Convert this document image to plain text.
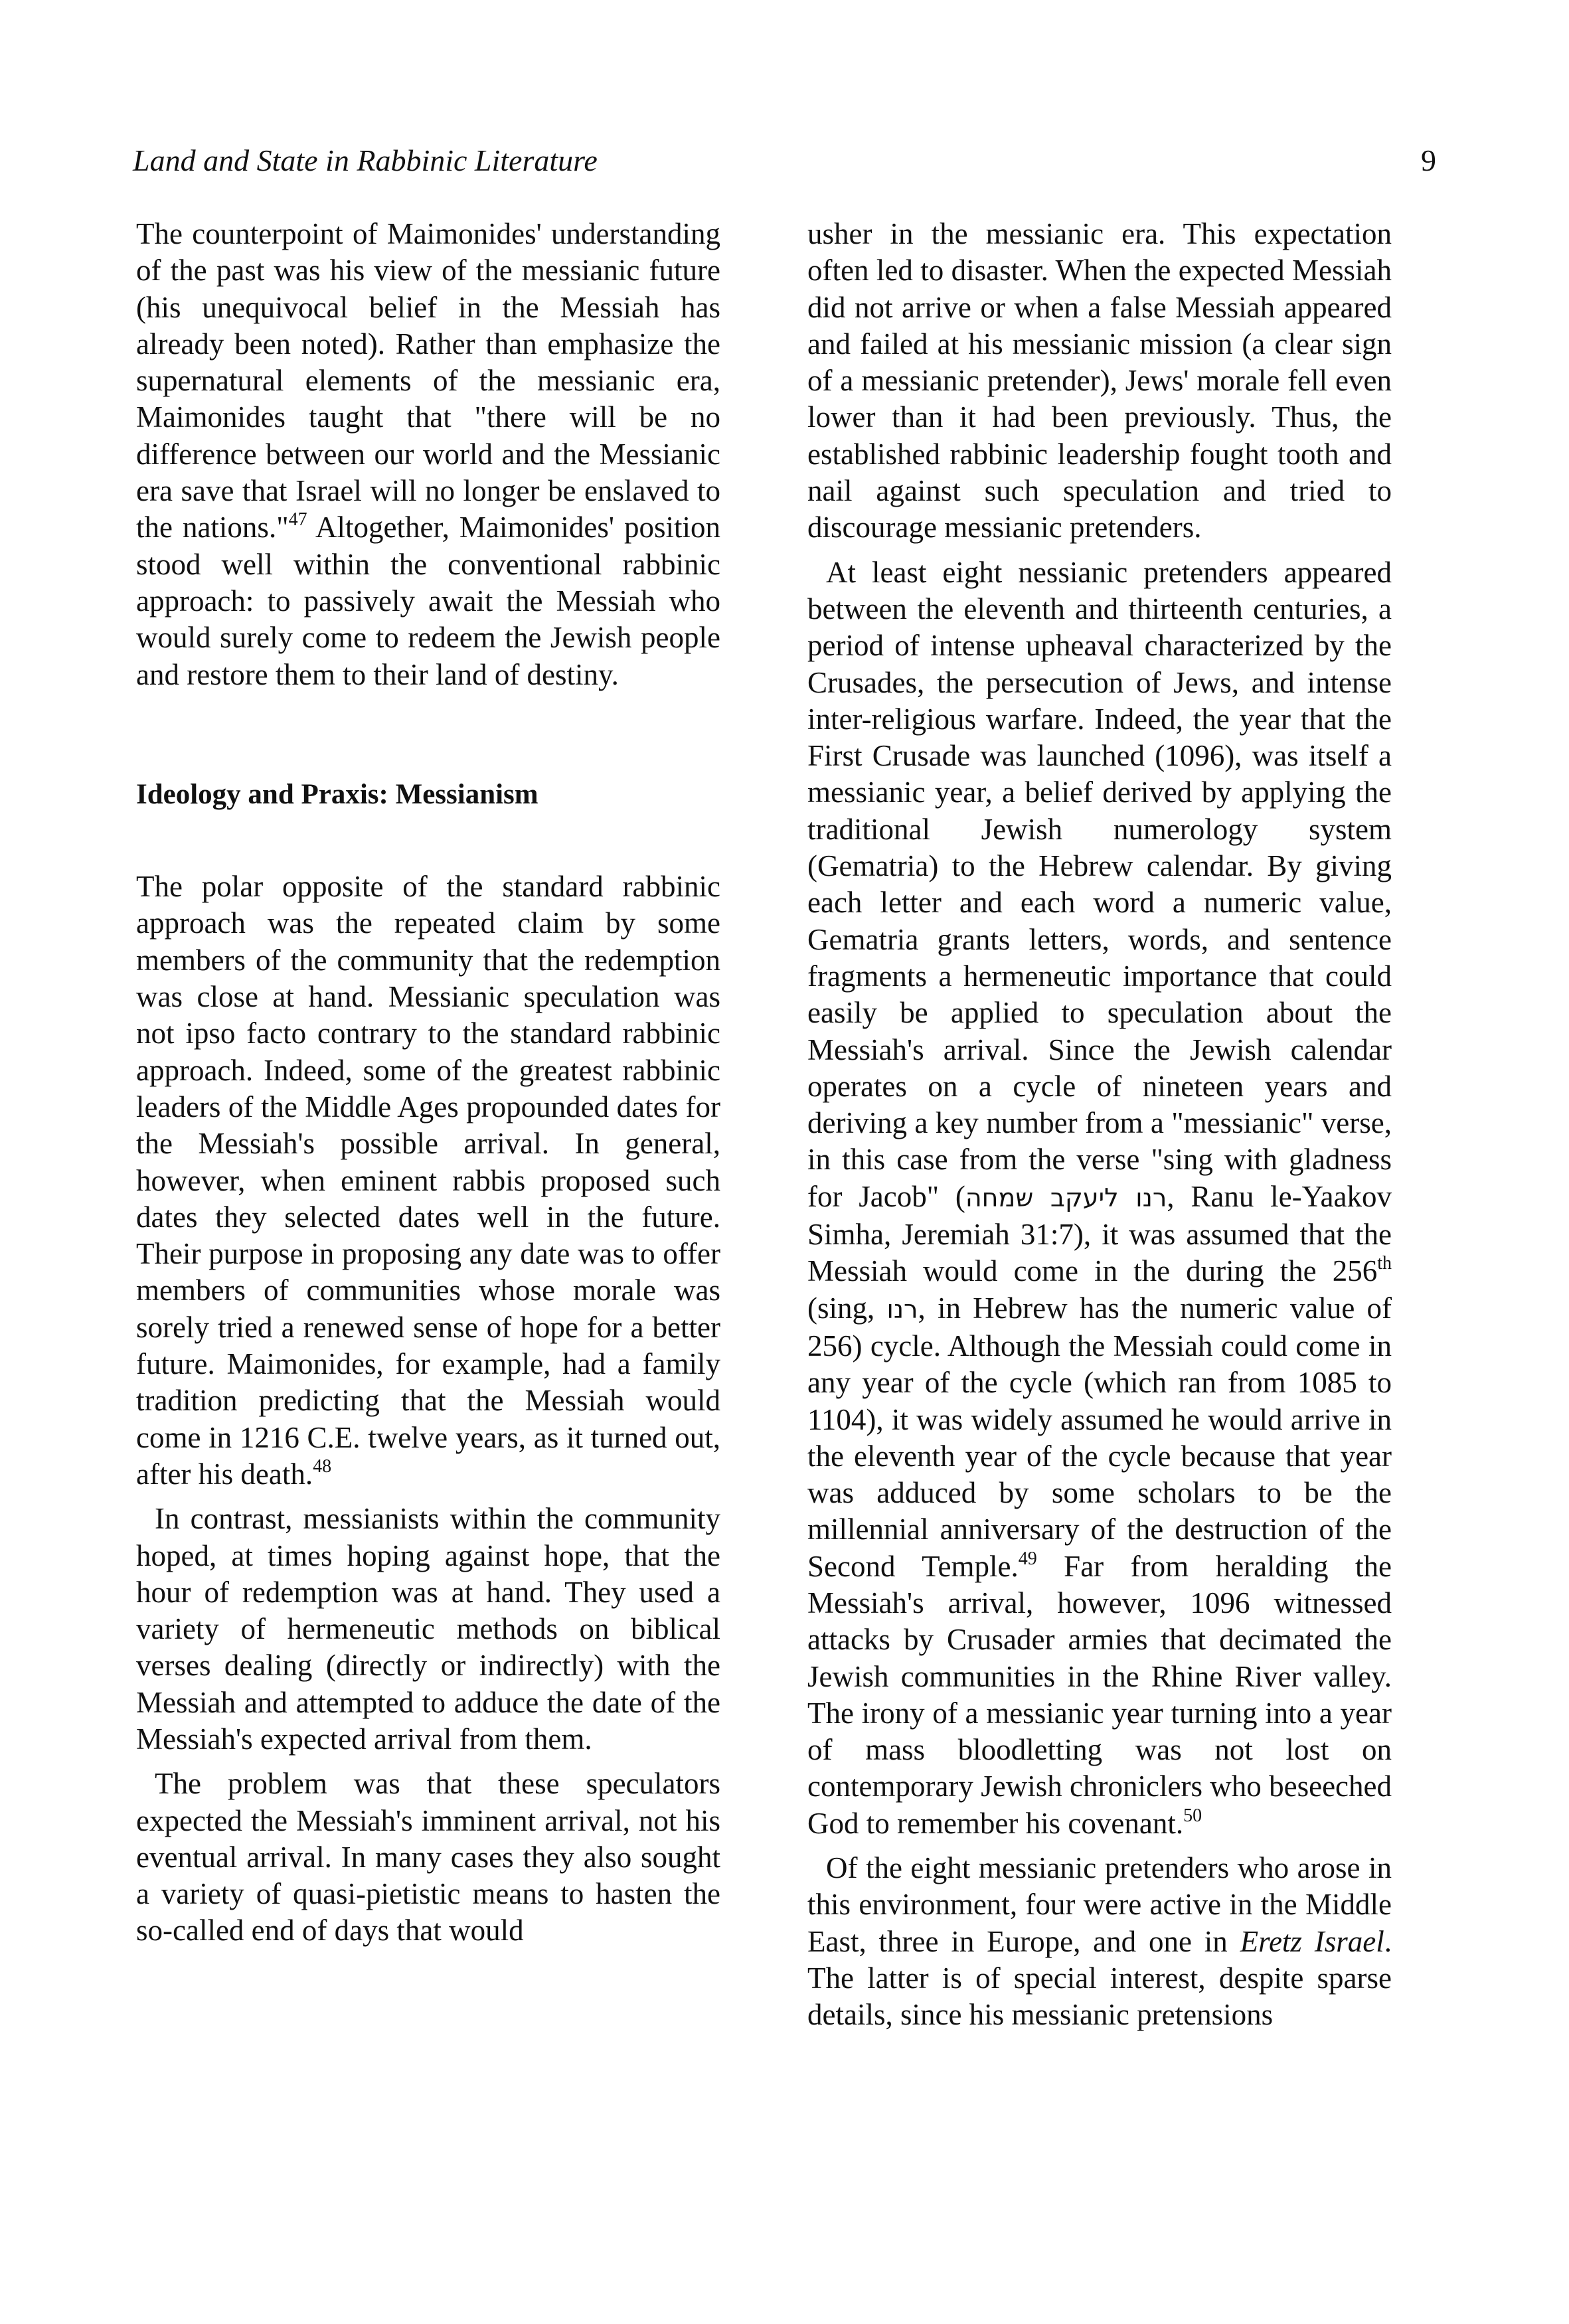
Land and State in Rabbinic Literature	9

The counterpoint of Maimonides' understanding of the past was his view of the messianic future (his unequivocal belief in the Messiah has already been noted). Rather than emphasize the supernatural elements of the messianic era, Maimonides taught that "there will be no difference between our world and the Messianic era save that Israel will no longer be enslaved to the nations."$^{47}$ Altogether, Maimonides' position stood well within the conventional rabbinic approach: to passively await the Messiah who would surely come to redeem the Jewish people and restore them to their land of destiny.

Ideology and Praxis: Messianism

The polar opposite of the standard rabbinic approach was the repeated claim by some members of the community that the redemption was close at hand. Messianic speculation was not ipso facto contrary to the standard rabbinic approach. Indeed, some of the greatest rabbinic leaders of the Middle Ages propounded dates for the Messiah's possible arrival. In general, however, when eminent rabbis proposed such dates they selected dates well in the future. Their purpose in proposing any date was to offer members of communities whose morale was sorely tried a renewed sense of hope for a better future. Maimonides, for example, had a family tradition predicting that the Messiah would come in 1216 C.E. twelve years, as it turned out, after his death.$^{48}$

In contrast, messianists within the community hoped, at times hoping against hope, that the hour of redemption was at hand. They used a variety of hermeneutic methods on biblical verses dealing (directly or indirectly) with the Messiah and attempted to adduce the date of the Messiah's expected arrival from them.

The problem was that these speculators expected the Messiah's imminent arrival, not his eventual arrival. In many cases they also sought a variety of quasi-pietistic means to hasten the so-called end of days that would

usher in the messianic era. This expectation often led to disaster. When the expected Messiah did not arrive or when a false Messiah appeared and failed at his messianic mission (a clear sign of a messianic pretender), Jews' morale fell even lower than it had been previously. Thus, the established rabbinic leadership fought tooth and nail against such speculation and tried to discourage messianic pretenders.

At least eight nessianic pretenders appeared between the eleventh and thirteenth centuries, a period of intense upheaval characterized by the Crusades, the persecution of Jews, and intense inter-religious warfare. Indeed, the year that the First Crusade was launched (1096), was itself a messianic year, a belief derived by applying the traditional Jewish numerology system (Gematria) to the Hebrew calendar. By giving each letter and each word a numeric value, Gematria grants letters, words, and sentence fragments a hermeneutic importance that could easily be applied to speculation about the Messiah's arrival. Since the Jewish calendar operates on a cycle of nineteen years and deriving a key number from a "messianic" verse, in this case from the verse "sing with gladness for Jacob" (רנו ליעקב שמחה, Ranu le-Yaakov Simha, Jeremiah 31:7), it was assumed that the Messiah would come in the during the 256th (sing, רנו, in Hebrew has the numeric value of 256) cycle. Although the Messiah could come in any year of the cycle (which ran from 1085 to 1104), it was widely assumed he would arrive in the eleventh year of the cycle because that year was adduced by some scholars to be the millennial anniversary of the destruction of the Second Temple.$^{49}$ Far from heralding the Messiah's arrival, however, 1096 witnessed attacks by Crusader armies that decimated the Jewish communities in the Rhine River valley. The irony of a messianic year turning into a year of mass bloodletting was not lost on contemporary Jewish chroniclers who beseeched God to remember his covenant.$^{50}$

Of the eight messianic pretenders who arose in this environment, four were active in the Middle East, three in Europe, and one in Eretz Israel. The latter is of special interest, despite sparse details, since his messianic pretensions
